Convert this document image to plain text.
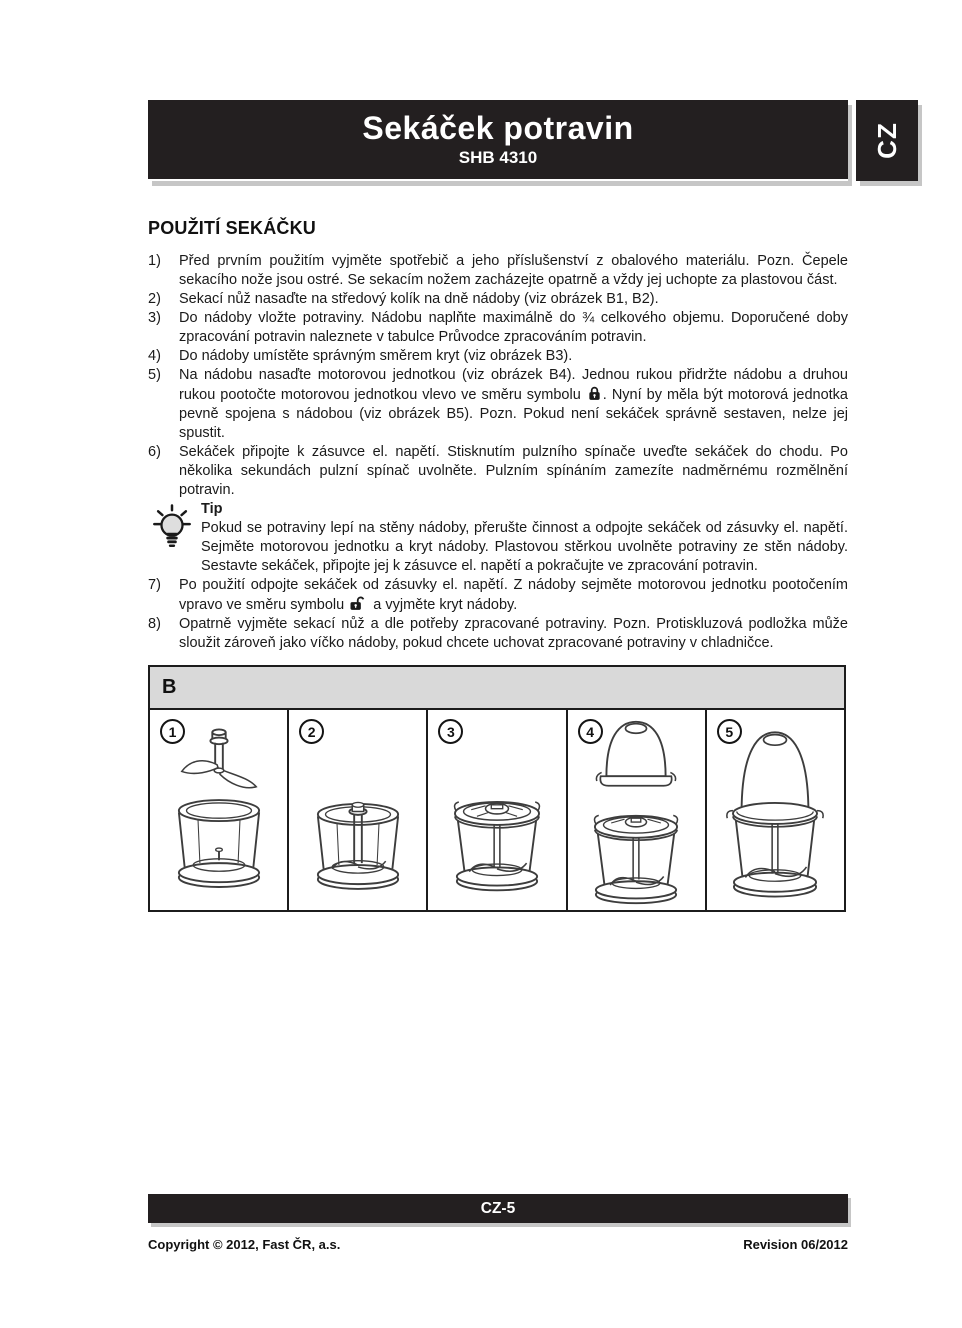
Sekáček potravin
SHB 4310	CZ
POUŽITÍ SEKÁČKU
1)	Před prvním použitím vyjměte spotřebič a jeho příslušenství z obalového materiálu. Pozn. Čepele sekacího nože jsou ostré. Se sekacím nožem zacházejte opatrně a vždy jej uchopte za plastovou část.
2)	Sekací nůž nasaďte na středový kolík na dně nádoby (viz obrázek B1, B2).
3)	Do nádoby vložte potraviny. Nádobu naplňte maximálně do ¾ celkového objemu. Doporučené doby zpracování potravin naleznete v tabulce Průvodce zpracováním potravin.
4)	Do nádoby umístěte správným směrem kryt (viz obrázek B3).
5)	Na nádobu nasaďte motorovou jednotkou (viz obrázek B4). Jednou rukou přidržte nádobu a druhou rukou pootočte motorovou jednotkou vlevo ve směru symbolu . Nyní by měla být motorová jednotka pevně spojena s nádobou (viz obrázek B5). Pozn. Pokud není sekáček správně sestaven, nelze jej spustit.
6)	Sekáček připojte k zásuvce el. napětí. Stisknutím pulzního spínače uveďte sekáček do chodu. Po několika sekundách pulzní spínač uvolněte. Pulzním spínáním zamezíte nadměrnému rozmělnění potravin.
Tip
Pokud se potraviny lepí na stěny nádoby, přerušte činnost a odpojte sekáček od zásuvky el. napětí. Sejměte motorovou jednotku a kryt nádoby. Plastovou stěrkou uvolněte potraviny ze stěn nádoby. Sestavte sekáček, připojte jej k zásuvce el. napětí a pokračujte ve zpracování potravin.
7)	Po použití odpojte sekáček od zásuvky el. napětí. Z nádoby sejměte motorovou jednotku pootočením vpravo ve směru symbolu  a vyjměte kryt nádoby.
8)	Opatrně vyjměte sekací nůž a dle potřeby zpracované potraviny. Pozn. Protiskluzová podložka může sloužit zároveň jako víčko nádoby, pokud chcete uchovat zpracované potraviny v chladničce.
B
1	2	3	4	5
CZ-5
Copyright © 2012, Fast ČR, a.s.	Revision 06/2012
